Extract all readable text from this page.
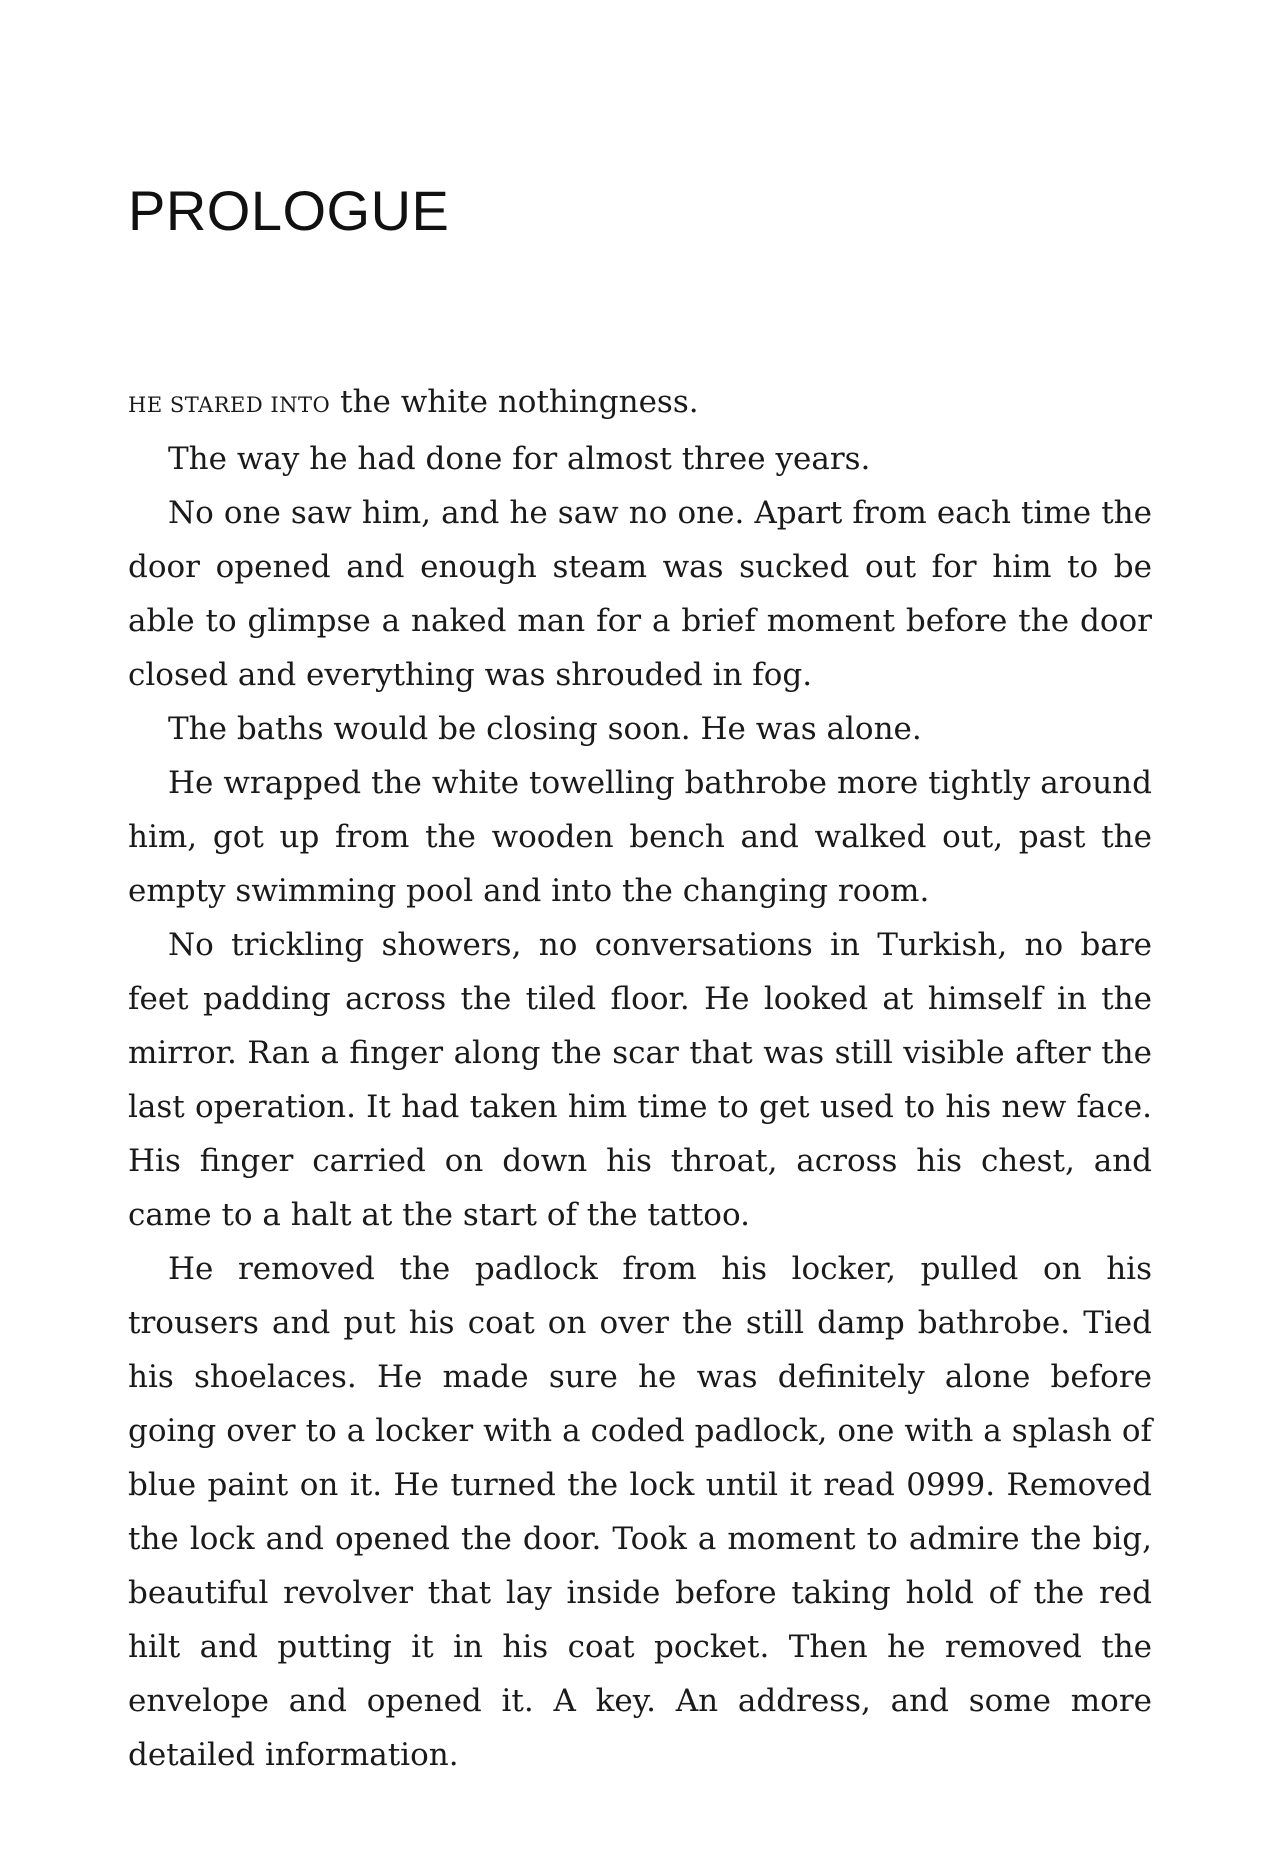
PROLOGUE

HE STARED INTO the white nothingness.

The way he had done for almost three years.

No one saw him, and he saw no one. Apart from each time the door opened and enough steam was sucked out for him to be able to glimpse a naked man for a brief moment before the door closed and everything was shrouded in fog.

The baths would be closing soon. He was alone.

He wrapped the white towelling bathrobe more tightly around him, got up from the wooden bench and walked out, past the empty swimming pool and into the changing room.

No trickling showers, no conversations in Turkish, no bare feet padding across the tiled floor. He looked at himself in the mirror. Ran a finger along the scar that was still visible after the last operation. It had taken him time to get used to his new face. His finger carried on down his throat, across his chest, and came to a halt at the start of the tattoo.

He removed the padlock from his locker, pulled on his trousers and put his coat on over the still damp bathrobe. Tied his shoelaces. He made sure he was definitely alone before going over to a locker with a coded padlock, one with a splash of blue paint on it. He turned the lock until it read 0999. Removed the lock and opened the door. Took a moment to admire the big, beautiful revolver that lay inside before taking hold of the red hilt and putting it in his coat pocket. Then he removed the envelope and opened it. A key. An address, and some more detailed information.
